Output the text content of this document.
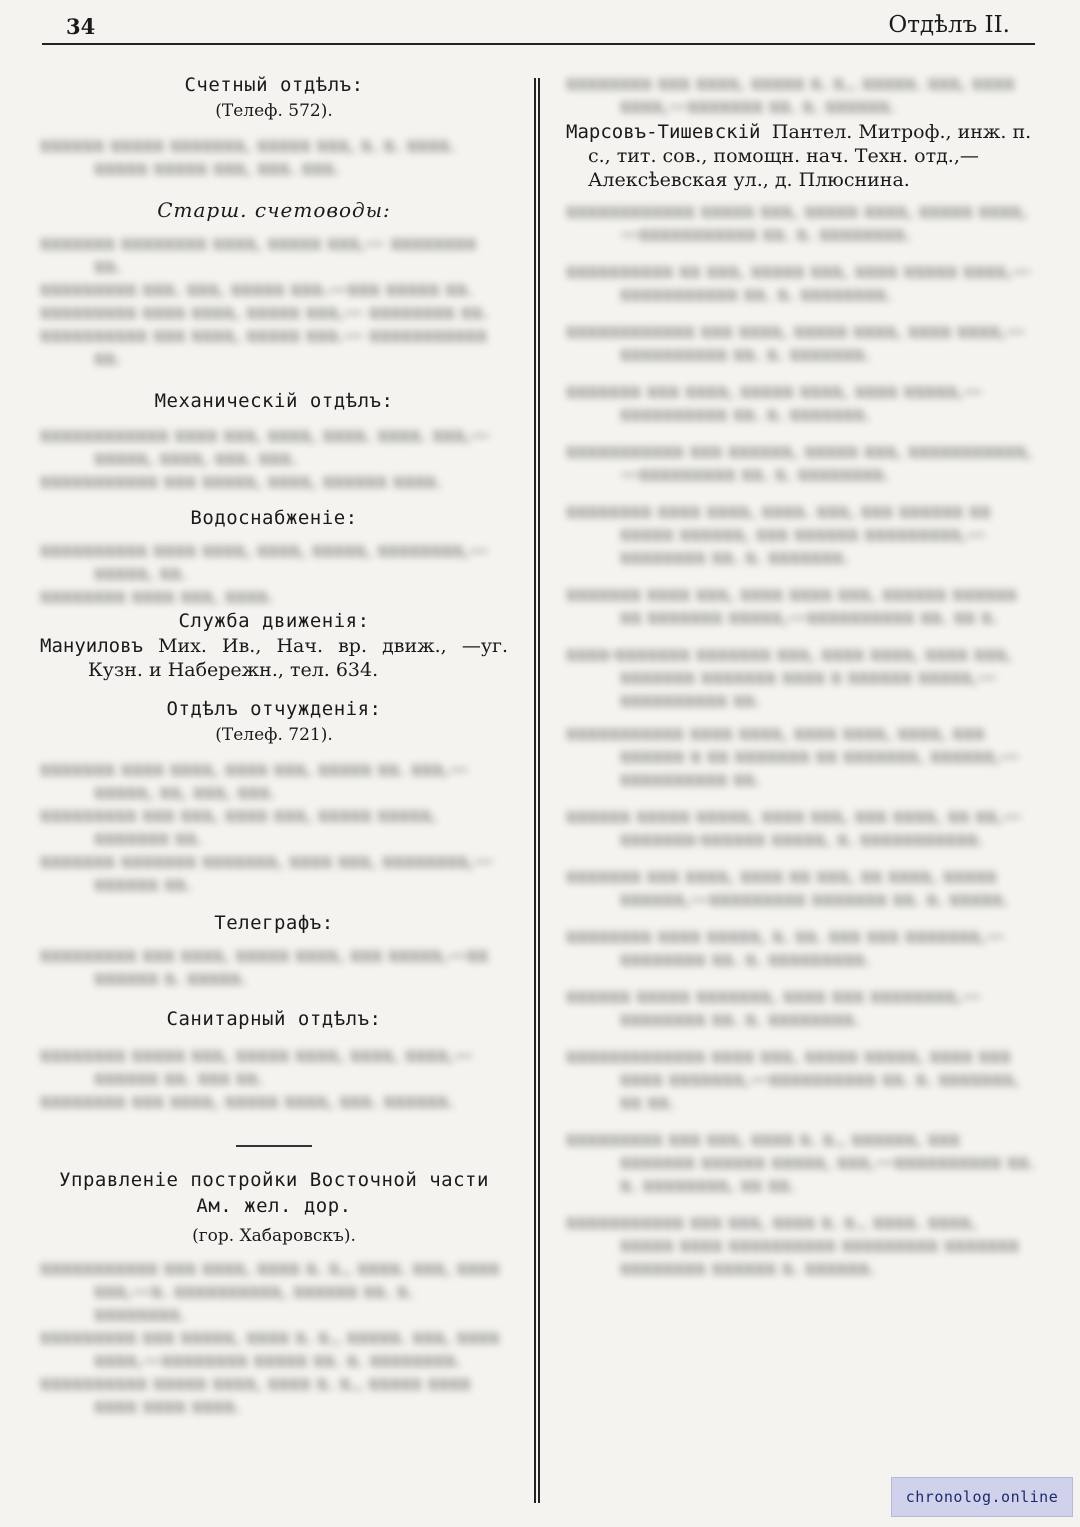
34	Отдѣлъ II.

Счетный отдѣлъ:

(Телеф. 572).

xxxxxx xxxxx xxxxxxx, xxxxx xxx, x. x. xxxx. xxxxx xxxxx xxx, xxx. xxx.

Старш. счетоводы:

xxxxxxx xxxxxxxx xxxx, xxxxx xxx,— xxxxxxxx xx.

xxxxxxxxx xxx. xxx, xxxxx xxx.—xxx xxxxx xx.

xxxxxxxxx xxxx xxxx, xxxxx xxx,— xxxxxxxx xx.

xxxxxxxxxx xxx xxxx, xxxxx xxx.— xxxxxxxxxxx xx.

Механическій отдѣлъ:

xxxxxxxxxxxx xxxx xxx, xxxx, xxxx. xxxx. xxx,—xxxxx, xxxx, xxx. xxx.

xxxxxxxxxxx xxx xxxxx, xxxx, xxxxxx xxxx.

Водоснабженіе:

xxxxxxxxxx xxxx xxxx, xxxx, xxxxx, xxxxxxxx,—xxxxx, xx.

xxxxxxxx xxxx xxx, xxxx.

Служба движенія:

Мануиловъ Мих. Ив., Нач. вр. движ., —уг. Кузн. и Набережн., тел. 634.

Отдѣлъ отчужденія:

(Телеф. 721).

xxxxxxx xxxx xxxx, xxxx xxx, xxxxx xx. xxx,—xxxxx, xx, xxx, xxx.

xxxxxxxxx xxx xxx, xxxx xxx, xxxxx xxxxx, xxxxxxx xx.

xxxxxxx xxxxxxx xxxxxxx, xxxx xxx, xxxxxxxx,—xxxxxx xx.

Телеграфъ:

xxxxxxxxx xxx xxxx, xxxxx xxxx, xxx xxxxx,—xx xxxxxx x. xxxxx.

Санитарный отдѣлъ:

xxxxxxxx xxxxx xxx, xxxxx xxxx, xxxx, xxxx,—xxxxxx xx. xxx xx.

xxxxxxxx xxx xxxx, xxxxx xxxx, xxx. xxxxxx.

Управленіе постройки Восточной части

Ам. жел. дор.

(гор. Хабаровскъ).

xxxxxxxxxxx xxx xxxx, xxxx x. x., xxxx. xxx, xxxx xxx,—x. xxxxxxxxxx, xxxxxx xx. x. xxxxxxxx.

xxxxxxxxx xxx xxxxx, xxxx x. x., xxxxx. xxx, xxxx xxxx,—xxxxxxxx xxxxx xx. x. xxxxxxxx.

xxxxxxxxxx xxxxx xxxx, xxxx x. x., xxxxx xxxx xxxx xxxx xxxx.

xxxxxxxx xxx xxxx, xxxxx x. x., xxxxx. xxx, xxxx xxxx,—xxxxxxx xx. x. xxxxxx.

Марсовъ-Тишевскій Пантел. Митроф., инж. п. с., тит. сов., помощн. нач. Техн. отд.,—Алексѣевская ул., д. Плюснина.

xxxxxxxxxxxx xxxxx xxx, xxxxx xxxx, xxxxx xxxx,—xxxxxxxxxxx xx. x. xxxxxxxx.

xxxxxxxxxx xx xxx, xxxxx xxx, xxxx xxxxx xxxx,—xxxxxxxxxxx xx. x. xxxxxxxx.

xxxxxxxxxxxx xxx xxxx, xxxxx xxxx, xxxx xxxx,—xxxxxxxxxx xx. x. xxxxxxx.

xxxxxxx xxx xxxx, xxxxx xxxx, xxxx xxxxx,—xxxxxxxxxx xx. x. xxxxxxx.

xxxxxxxxxxx xxx xxxxxx, xxxxx xxx, xxxxxxxxxxx,—xxxxxxxxx xx. x. xxxxxxxx.

xxxxxxxx xxxx xxxx, xxxx. xxx, xxx xxxxxx xx xxxxx xxxxxx, xxx xxxxxx xxxxxxxxx,—xxxxxxxx xx. x. xxxxxxx.

xxxxxxx xxxx xxx, xxxx xxxx xxx, xxxxxx xxxxxx xx xxxxxxx xxxxx,—xxxxxxxxxx xx. xx x.

xxxx-xxxxxxx xxxxxxx xxx, xxxx xxxx, xxxx xxx, xxxxxxx xxxxxxx xxxx x xxxxxx xxxxx,—xxxxxxxxxx xx.

xxxxxxxxxxx xxxx xxxx, xxxx xxxx, xxxx, xxx xxxxxx x xx xxxxxxx xx xxxxxxx, xxxxxx,—xxxxxxxxxx xx.

xxxxxx xxxxx xxxxx, xxxx xxx, xxx xxxx, xx xx,—xxxxxxx-xxxxxx xxxxx, x. xxxxxxxxxxx.

xxxxxxx xxx xxxx, xxxx xx xxx, xx xxxx, xxxxx xxxxxx,—xxxxxxxxx xxxxxxx xx. x. xxxxx.

xxxxxxxx xxxx xxxxx, x. xx. xxx xxx xxxxxxx,—xxxxxxxx xx. x. xxxxxxxxx.

xxxxxx xxxxx xxxxxxx, xxxx xxx xxxxxxxx,—xxxxxxxx xx. x. xxxxxxxx.

xxxxxxxxxxxxx xxxx xxx, xxxxx xxxxx, xxxx xxx xxxx xxxxxxx,—xxxxxxxxxx xx. x. xxxxxxx, xx xx.

xxxxxxxxx xxx xxx, xxxx x. x., xxxxxx, xxx xxxxxxx xxxxxx xxxxx, xxx,—xxxxxxxxxx xx. x. xxxxxxxx, xx xx.

xxxxxxxxxxx xxx xxx, xxxx x. x., xxxx. xxxx, xxxxx xxxx xxxxxxxxxx xxxxxxxxx xxxxxxx xxxxxxxx xxxxxx x. xxxxxx.

chronolog.online
